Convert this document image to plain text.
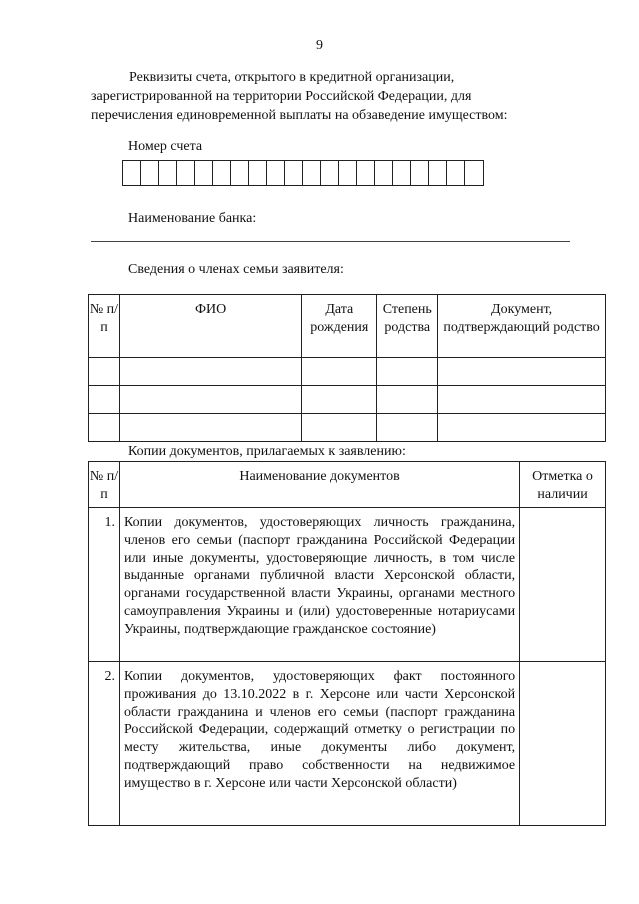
9
Реквизиты счета, открытого в кредитной организации,
зарегистрированной на территории Российской Федерации, для
перечисления единовременной выплаты на обзаведение имуществом:
Номер счета
Наименование банка:
Сведения о членах семьи заявителя:
№ п/п	ФИО	Дата рождения	Степень родства	Документ, подтверждающий родство

Копии документов, прилагаемых к заявлению:
№ п/п	Наименование документов	Отметка о наличии
1.	Копии документов, удостоверяющих личность гражданина, членов его семьи (паспорт гражданина Российской Федерации или иные документы, удостоверяющие личность, в том числе выданные органами публичной власти Херсонской области, органами государственной власти Украины, органами местного самоуправления Украины и (или) удостоверенные нотариусами Украины, подтверждающие гражданское состояние)	
2.	Копии документов, удостоверяющих факт постоянного проживания до 13.10.2022 в г. Херсоне или части Херсонской области гражданина и членов его семьи (паспорт гражданина Российской Федерации, содержащий отметку о регистрации по месту жительства, иные документы либо документ, подтверждающий право собственности на недвижимое имущество в г. Херсоне или части Херсонской области)	
